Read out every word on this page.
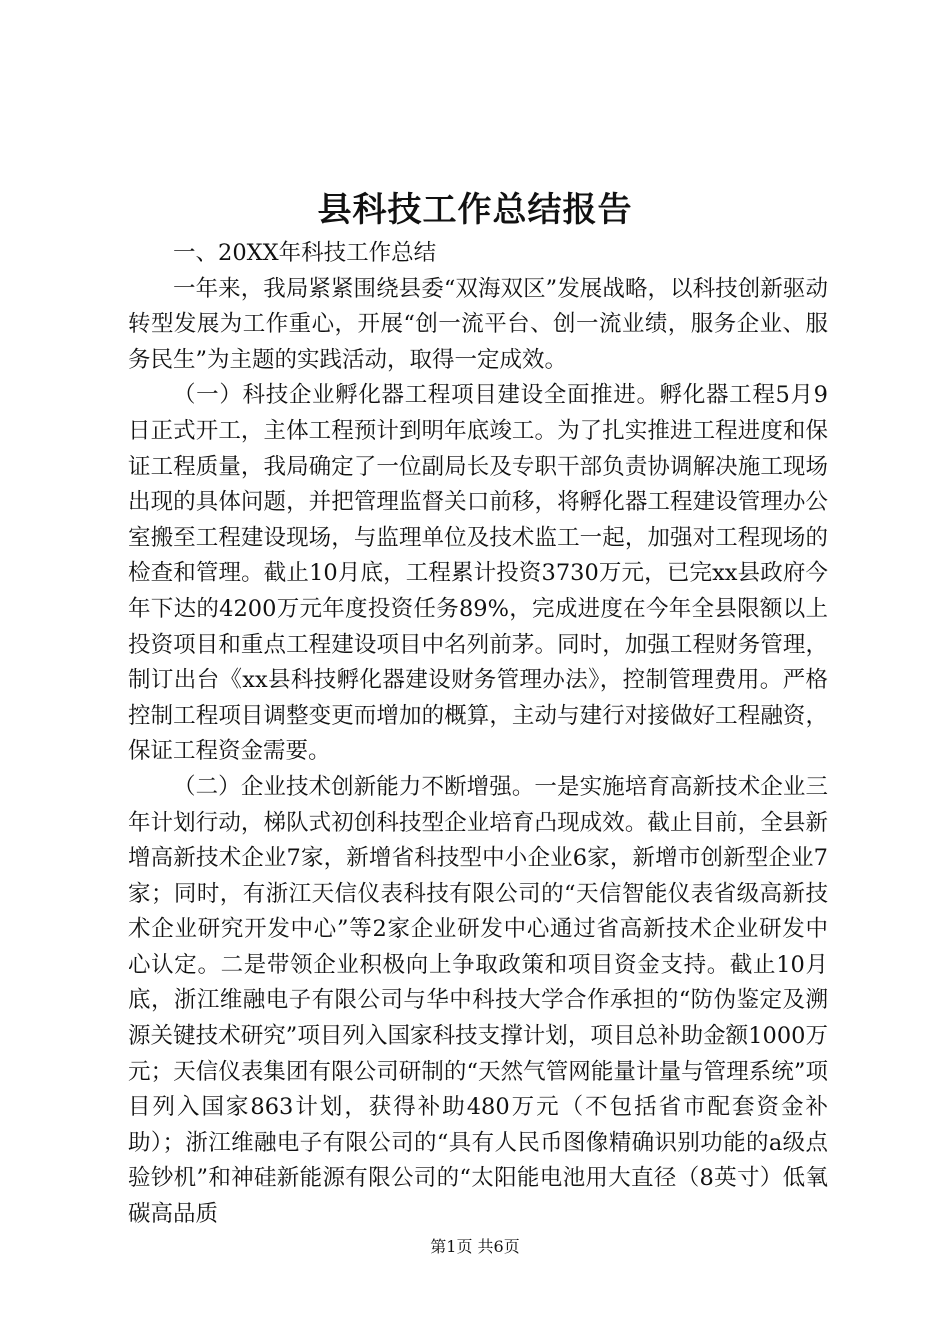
县科技工作总结报告

一、20XX年科技工作总结

一年来，我局紧紧围绕县委“双海双区”发展战略，以科技创新驱动转型发展为工作重心，开展“创一流平台、创一流业绩，服务企业、服务民生”为主题的实践活动，取得一定成效。

（一）科技企业孵化器工程项目建设全面推进。孵化器工程5月9日正式开工，主体工程预计到明年底竣工。为了扎实推进工程进度和保证工程质量，我局确定了一位副局长及专职干部负责协调解决施工现场出现的具体问题，并把管理监督关口前移，将孵化器工程建设管理办公室搬至工程建设现场，与监理单位及技术监工一起，加强对工程现场的检查和管理。截止10月底，工程累计投资3730万元，已完xx县政府今年下达的4200万元年度投资任务89%，完成进度在今年全县限额以上投资项目和重点工程建设项目中名列前茅。同时，加强工程财务管理，制订出台《xx县科技孵化器建设财务管理办法》，控制管理费用。严格控制工程项目调整变更而增加的概算，主动与建行对接做好工程融资，保证工程资金需要。

（二）企业技术创新能力不断增强。一是实施培育高新技术企业三年计划行动，梯队式初创科技型企业培育凸现成效。截止目前，全县新增高新技术企业7家，新增省科技型中小企业6家，新增市创新型企业7家；同时，有浙江天信仪表科技有限公司的“天信智能仪表省级高新技术企业研究开发中心”等2家企业研发中心通过省高新技术企业研发中心认定。二是带领企业积极向上争取政策和项目资金支持。截止10月底，浙江维融电子有限公司与华中科技大学合作承担的“防伪鉴定及溯源关键技术研究”项目列入国家科技支撑计划，项目总补助金额1000万元；天信仪表集团有限公司研制的“天然气管网能量计量与管理系统”项目列入国家863计划，获得补助480万元（不包括省市配套资金补助）；浙江维融电子有限公司的“具有人民币图像精确识别功能的a级点验钞机”和神硅新能源有限公司的“太阳能电池用大直径（8英寸）低氧碳高品质

第1页 共6页
